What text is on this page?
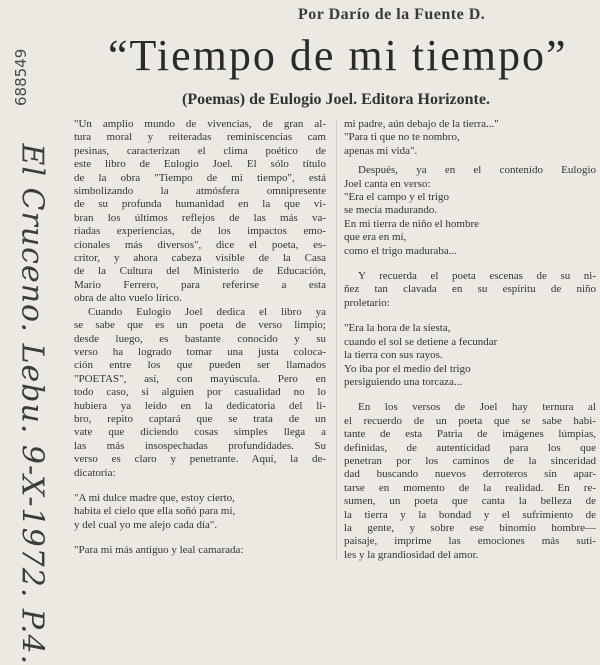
688549
El Cruceno. Lebu. 9-X-1972. P.4.
Por Darío de la Fuente D.
“Tiempo de mi tiempo”
(Poemas) de Eulogio Joel. Editora Horizonte.

"Un amplio mundo de vivencias, de gran al-
tura moral y reiteradas reminiscencias cam
pesinas, caracterizan el clima poético de
este libro de Eulogio Joel. El sólo título
de la obra "Tiempo de mi tiempo", está
simbolizando la atmósfera omnipresente
de su profunda humanidad en la que vi-
bran los últimos reflejos de las más va-
riadas experiencias, de los impactos emo-
cionales más diversos", dice el poeta, es-
critor, y ahora cabeza visible de la Casa
de la Cultura del Ministerio de Educación,
Mario Ferrero, para referirse a esta
obra de alto vuelo lírico.

Cuando Eulogio Joel dedica el libro ya
se sabe que es un poeta de verso limpio;
desde luego, es bastante conocido y su
verso ha logrado tomar una justa coloca-
ción entre los que pueden ser llamados
"POETAS", así, con mayúscula. Pero en
todo caso, si alguien por casualidad no lo
hubiera ya leído en la dedicatoria del li-
bro, repito captará que se trata de un
vate que diciendo cosas simples llega a
las más insospechadas profundidades. Su
verso es claro y penetrante. Aquí, la de-
dicatoria:

"A mi dulce madre que, estoy cierto,
habita el cielo que ella soñó para mí,
y del cual yo me alejo cada día".

"Para mi más antiguo y leal camarada:

mi padre, aún debajo de la tierra..."
"Para ti que no te nombro,
apenas mi vida".

Después, ya en el contenido Eulogio
Joel canta en verso:

"Era el campo y el trigo
se mecía madurando.
En mi tierra de niño el hombre
que era en mí,
como el trigo maduraba...

Y recuerda el poeta escenas de su ni-
ñez tan clavada en su espíritu de niño
proletario:

"Era la hora de la siesta,
cuando el sol se detiene a fecundar
la tierra con sus rayos.
Yo iba por el medio del trigo
persiguiendo una torcaza...

En los versos de Joel hay ternura al
el recuerdo de un poeta que se sabe habi-
tante de esta Patria de imágenes lúmpias,
definidas, de autenticidad para los que
penetran por los caminos de la sinceridad
dad buscando nuevos derroteros sin apar-
tarse en momento de la realidad. En re-
sumen, un poeta que canta la belleza de
la tierra y la bondad y el sufrimiento de
la gente, y sobre ese binomio hombre—
paisaje, imprime las emociones más suti-
les y la grandiosidad del amor.
